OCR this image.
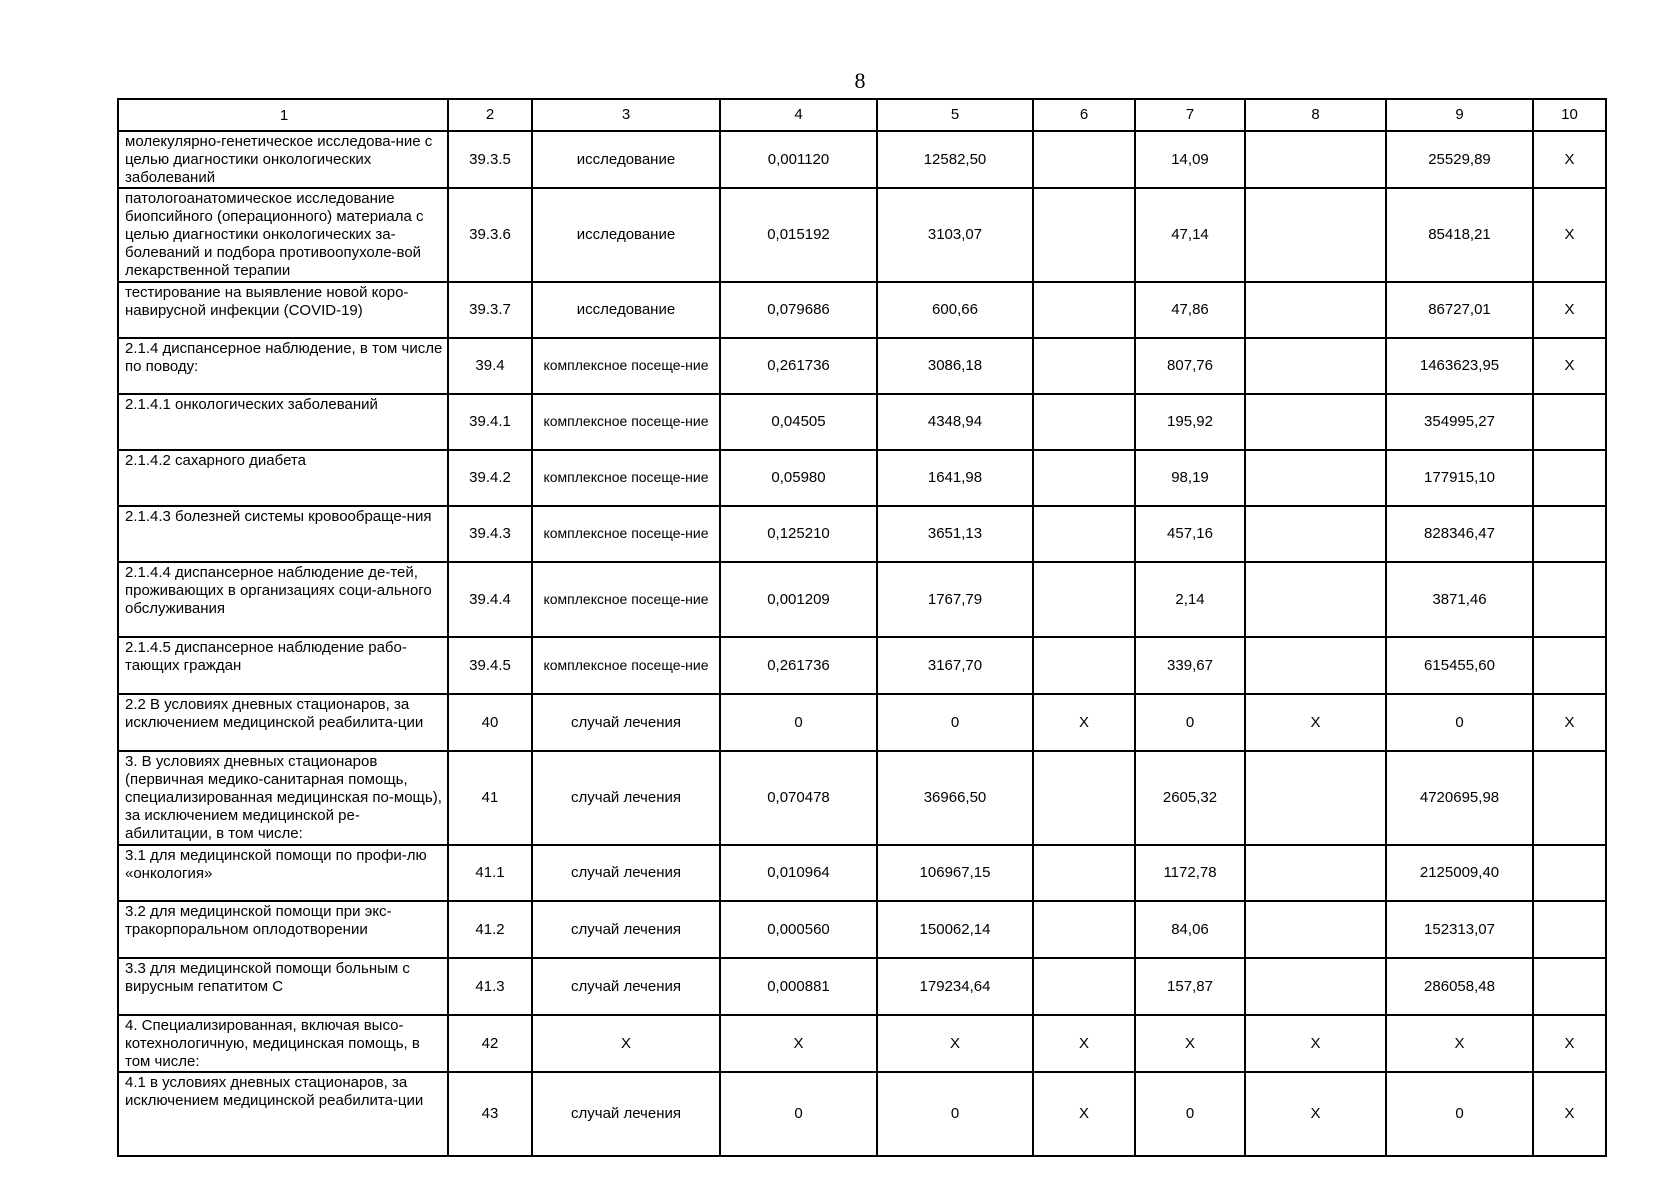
8
1	2	3	4	5	6	7	8	9	10
молекулярно-генетическое исследова-ние с целью диагностики онкологических заболеваний	39.3.5	исследование	0,001120	12582,50		14,09		25529,89	Х
патологоанатомическое исследование биопсийного (операционного) материала с целью диагностики онкологических за-болеваний и подбора противоопухоле-вой лекарственной терапии	39.3.6	исследование	0,015192	3103,07		47,14		85418,21	Х
тестирование на выявление новой коро-навирусной инфекции (COVID-19)	39.3.7	исследование	0,079686	600,66		47,86		86727,01	Х
2.1.4 диспансерное наблюдение, в том числе по поводу:	39.4	комплексное посеще-ние	0,261736	3086,18		807,76		1463623,95	Х
2.1.4.1 онкологических заболеваний	39.4.1	комплексное посеще-ние	0,04505	4348,94		195,92		354995,27	
2.1.4.2 сахарного диабета	39.4.2	комплексное посеще-ние	0,05980	1641,98		98,19		177915,10	
2.1.4.3 болезней системы кровообраще-ния	39.4.3	комплексное посеще-ние	0,125210	3651,13		457,16		828346,47	
2.1.4.4 диспансерное наблюдение де-тей, проживающих в организациях соци-ального обслуживания	39.4.4	комплексное посеще-ние	0,001209	1767,79		2,14		3871,46	
2.1.4.5 диспансерное наблюдение рабо-тающих граждан	39.4.5	комплексное посеще-ние	0,261736	3167,70		339,67		615455,60	
2.2 В условиях дневных стационаров, за исключением медицинской реабилита-ции	40	случай лечения	0	0	Х	0	Х	0	Х
3. В условиях дневных стационаров (первичная медико-санитарная помощь, специализированная медицинская по-мощь), за исключением медицинской ре-абилитации, в том числе:	41	случай лечения	0,070478	36966,50		2605,32		4720695,98	
3.1 для медицинской помощи по профи-лю «онкология»	41.1	случай лечения	0,010964	106967,15		1172,78		2125009,40	
3.2 для медицинской помощи при экс-тракорпоральном оплодотворении	41.2	случай лечения	0,000560	150062,14		84,06		152313,07	
3.3 для медицинской помощи больным с вирусным гепатитом С	41.3	случай лечения	0,000881	179234,64		157,87		286058,48	
4. Специализированная, включая высо-котехнологичную, медицинская помощь, в том числе:	42	Х	Х	Х	Х	Х	Х	Х	Х
4.1 в условиях дневных стационаров, за исключением медицинской реабилита-ции	43	случай лечения	0	0	Х	0	Х	0	Х
